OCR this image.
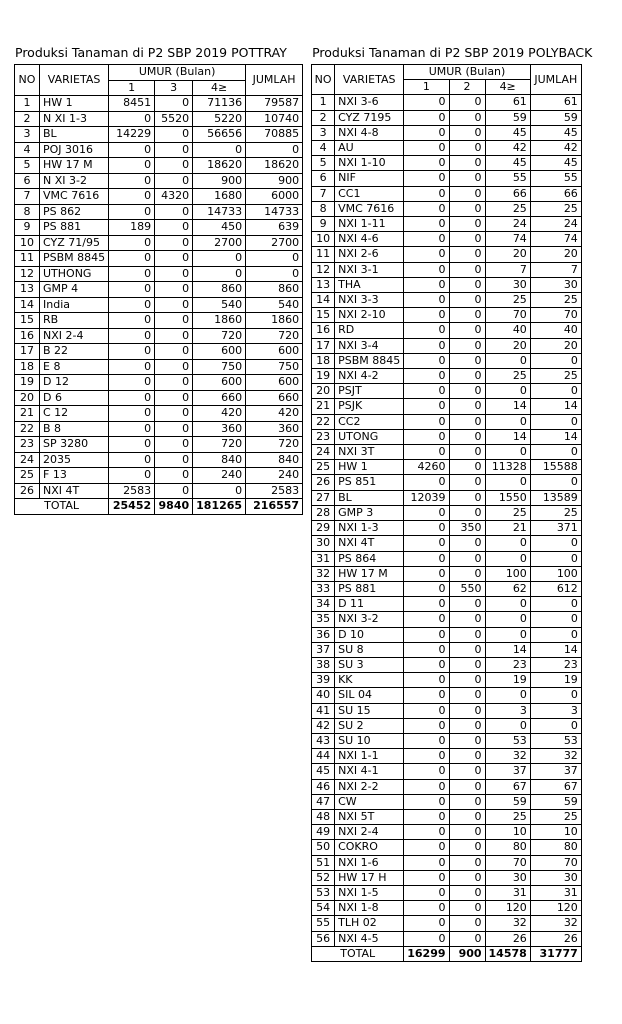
Produksi Tanaman di P2 SBP 2019 POTTRAY
NO	VARIETAS	UMUR (Bulan)			JUMLAH
		1	3	4≥	
1	HW 1	8451	0	71136	79587
2	N XI 1-3	0	5520	5220	10740
3	BL	14229	0	56656	70885
4	POJ 3016	0	0	0	0
5	HW 17 M	0	0	18620	18620
6	N XI 3-2	0	0	900	900
7	VMC 7616	0	4320	1680	6000
8	PS 862	0	0	14733	14733
9	PS 881	189	0	450	639
10	CYZ 71/95	0	0	2700	2700
11	PSBM 8845	0	0	0	0
12	UTHONG	0	0	0	0
13	GMP 4	0	0	860	860
14	India	0	0	540	540
15	RB	0	0	1860	1860
16	NXI 2-4	0	0	720	720
17	B 22	0	0	600	600
18	E 8	0	0	750	750
19	D 12	0	0	600	600
20	D 6	0	0	660	660
21	C 12	0	0	420	420
22	B 8	0	0	360	360
23	SP 3280	0	0	720	720
24	2035	0	0	840	840
25	F 13	0	0	240	240
26	NXI 4T	2583	0	0	2583
TOTAL		25452	9840	181265	216557
Produksi Tanaman di P2 SBP 2019 POLYBACK
NO	VARIETAS	UMUR (Bulan)			JUMLAH
		1	2	4≥	
1	NXI 3-6	0	0	61	61
2	CYZ 7195	0	0	59	59
3	NXI 4-8	0	0	45	45
4	AU	0	0	42	42
5	NXI 1-10	0	0	45	45
6	NIF	0	0	55	55
7	CC1	0	0	66	66
8	VMC 7616	0	0	25	25
9	NXI 1-11	0	0	24	24
10	NXI 4-6	0	0	74	74
11	NXI 2-6	0	0	20	20
12	NXI 3-1	0	0	7	7
13	THA	0	0	30	30
14	NXI 3-3	0	0	25	25
15	NXI 2-10	0	0	70	70
16	RD	0	0	40	40
17	NXI 3-4	0	0	20	20
18	PSBM 8845	0	0	0	0
19	NXI 4-2	0	0	25	25
20	PSJT	0	0	0	0
21	PSJK	0	0	14	14
22	CC2	0	0	0	0
23	UTONG	0	0	14	14
24	NXI 3T	0	0	0	0
25	HW 1	4260	0	11328	15588
26	PS 851	0	0	0	0
27	BL	12039	0	1550	13589
28	GMP 3	0	0	25	25
29	NXI 1-3	0	350	21	371
30	NXI 4T	0	0	0	0
31	PS 864	0	0	0	0
32	HW 17 M	0	0	100	100
33	PS 881	0	550	62	612
34	D 11	0	0	0	0
35	NXI 3-2	0	0	0	0
36	D 10	0	0	0	0
37	SU 8	0	0	14	14
38	SU 3	0	0	23	23
39	KK	0	0	19	19
40	SIL 04	0	0	0	0
41	SU 15	0	0	3	3
42	SU 2	0	0	0	0
43	SU 10	0	0	53	53
44	NXI 1-1	0	0	32	32
45	NXI 4-1	0	0	37	37
46	NXI 2-2	0	0	67	67
47	CW	0	0	59	59
48	NXI 5T	0	0	25	25
49	NXI 2-4	0	0	10	10
50	COKRO	0	0	80	80
51	NXI 1-6	0	0	70	70
52	HW 17 H	0	0	30	30
53	NXI 1-5	0	0	31	31
54	NXI 1-8	0	0	120	120
55	TLH 02	0	0	32	32
56	NXI 4-5	0	0	26	26
TOTAL		16299	900	14578	31777
